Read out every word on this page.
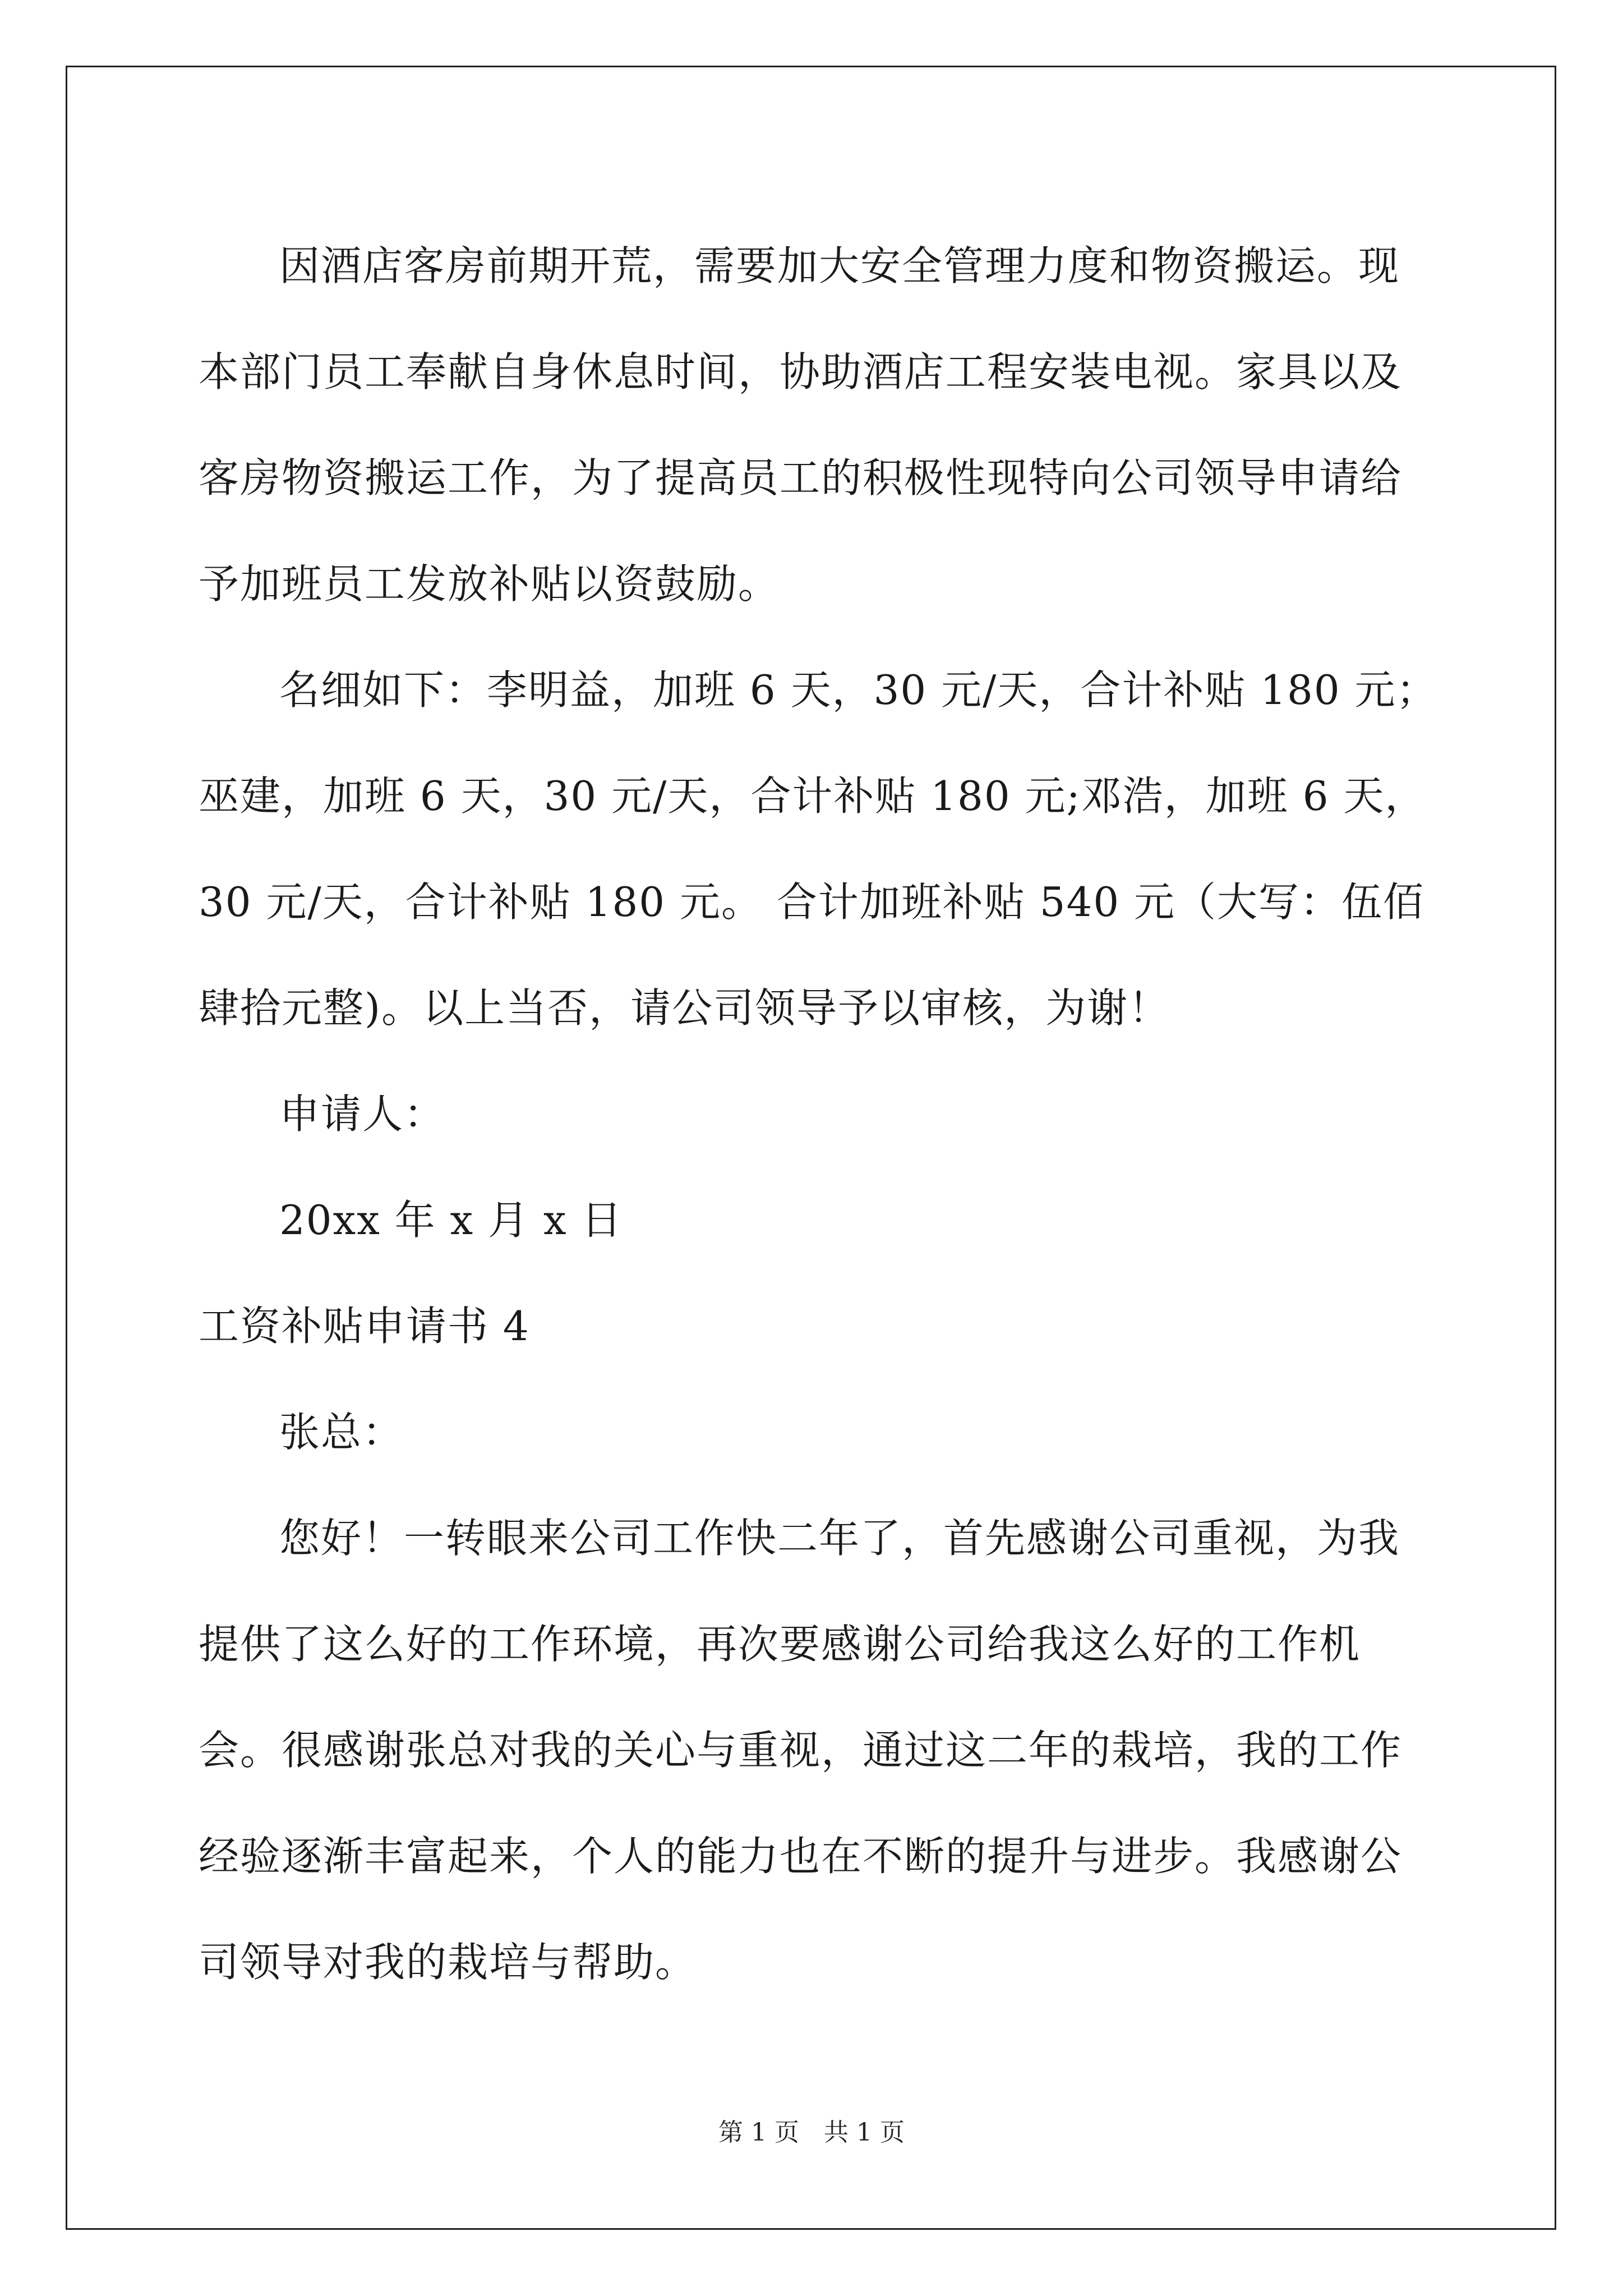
因酒店客房前期开荒，需要加大安全管理力度和物资搬运。现本部门员工奉献自身休息时间，协助酒店工程安装电视。家具以及客房物资搬运工作，为了提高员工的积极性现特向公司领导申请给予加班员工发放补贴以资鼓励。

名细如下：李明益，加班 6 天，30 元/天，合计补贴 180 元；巫建，加班 6 天，30 元/天，合计补贴 180 元;邓浩，加班 6 天，30 元/天，合计补贴 180 元。 合计加班补贴 540 元（大写：伍佰肆拾元整)。以上当否，请公司领导予以审核，为谢！

申请人：

20xx 年 x 月 x 日

工资补贴申请书 4

张总：

您好！一转眼来公司工作快二年了，首先感谢公司重视，为我提供了这么好的工作环境，再次要感谢公司给我这么好的工作机会。很感谢张总对我的关心与重视，通过这二年的栽培，我的工作经验逐渐丰富起来，个人的能力也在不断的提升与进步。我感谢公司领导对我的栽培与帮助。

第 1 页　共 1 页
